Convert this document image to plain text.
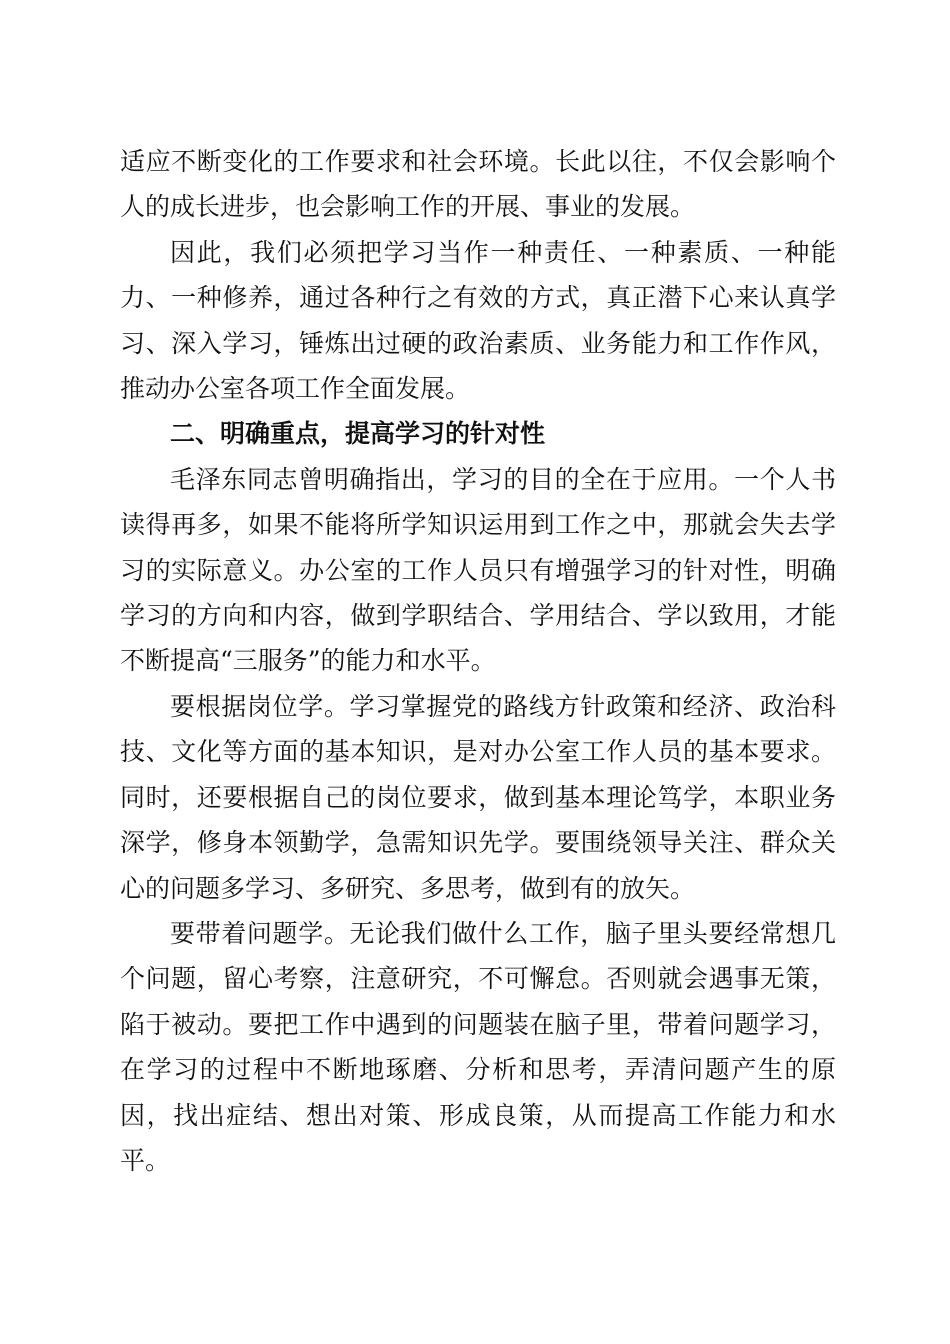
适应不断变化的工作要求和社会环境。长此以往，不仅会影响个人的成长进步，也会影响工作的开展、事业的发展。

因此，我们必须把学习当作一种责任、一种素质、一种能力、一种修养，通过各种行之有效的方式，真正潜下心来认真学习、深入学习，锤炼出过硬的政治素质、业务能力和工作作风，推动办公室各项工作全面发展。

二、明确重点，提高学习的针对性

毛泽东同志曾明确指出，学习的目的全在于应用。一个人书读得再多，如果不能将所学知识运用到工作之中，那就会失去学习的实际意义。办公室的工作人员只有增强学习的针对性，明确学习的方向和内容，做到学职结合、学用结合、学以致用，才能不断提高“三服务”的能力和水平。

要根据岗位学。学习掌握党的路线方针政策和经济、政治科技、文化等方面的基本知识，是对办公室工作人员的基本要求。同时，还要根据自己的岗位要求，做到基本理论笃学，本职业务深学，修身本领勤学，急需知识先学。要围绕领导关注、群众关心的问题多学习、多研究、多思考，做到有的放矢。

要带着问题学。无论我们做什么工作，脑子里头要经常想几个问题，留心考察，注意研究，不可懈怠。否则就会遇事无策，陷于被动。要把工作中遇到的问题装在脑子里，带着问题学习，在学习的过程中不断地琢磨、分析和思考，弄清问题产生的原因，找出症结、想出对策、形成良策，从而提高工作能力和水平。
